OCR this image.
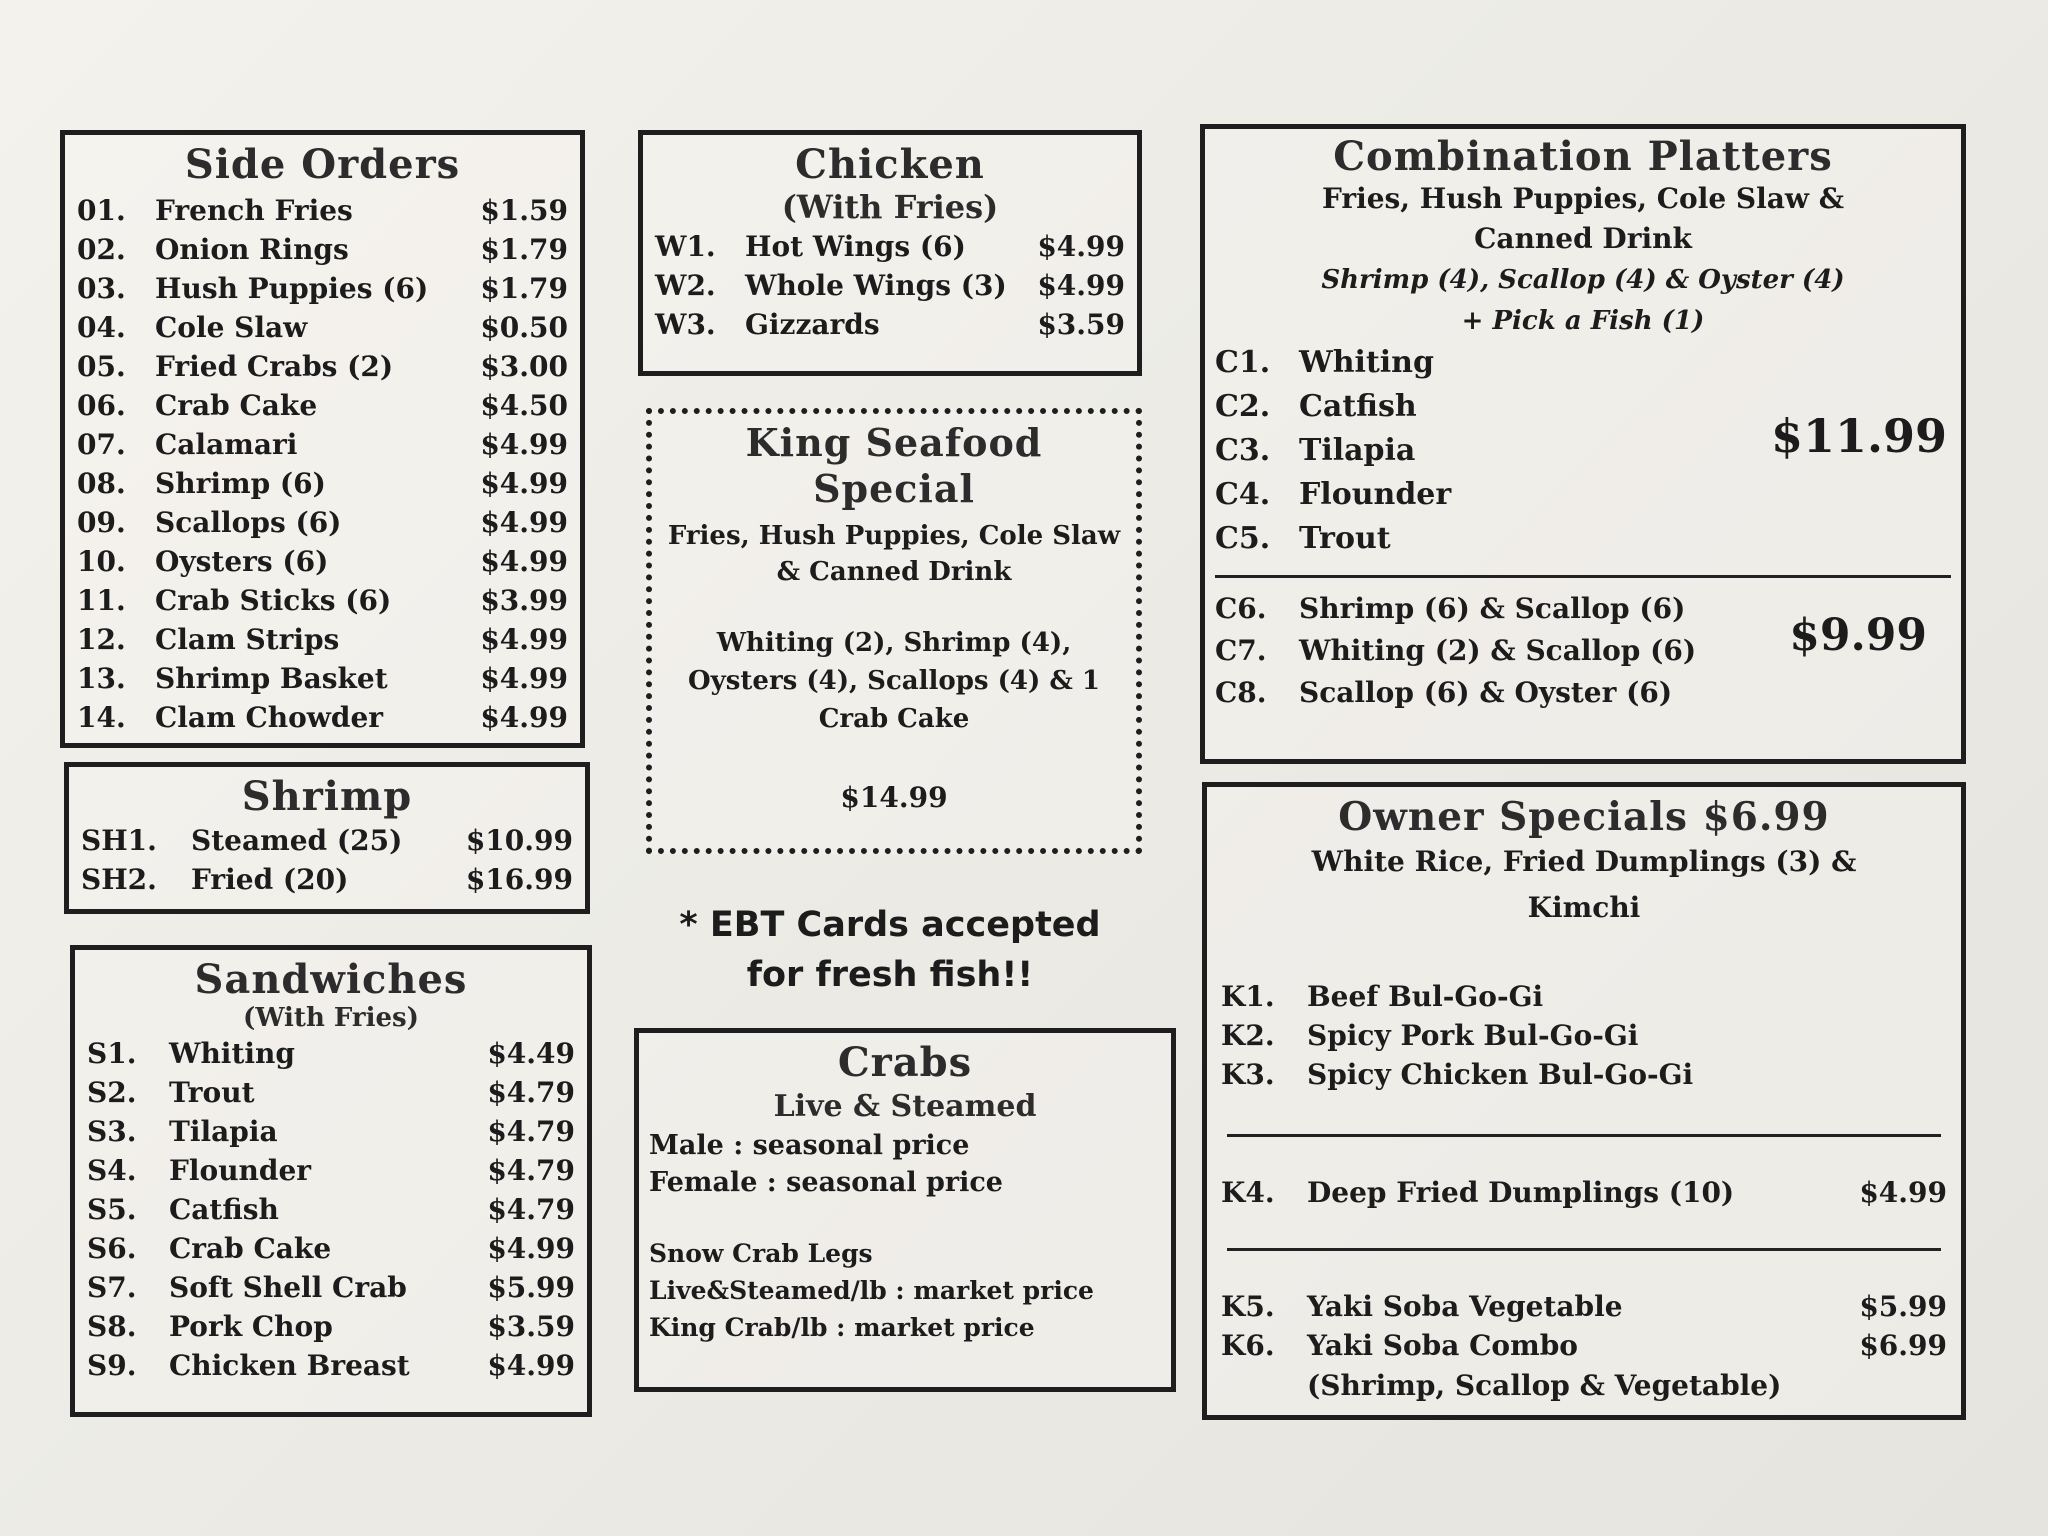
Side Orders
01.	French Fries	$1.59
02.	Onion Rings	$1.79
03.	Hush Puppies (6)	$1.79
04.	Cole Slaw	$0.50
05.	Fried Crabs (2)	$3.00
06.	Crab Cake	$4.50
07.	Calamari	$4.99
08.	Shrimp (6)	$4.99
09.	Scallops (6)	$4.99
10.	Oysters (6)	$4.99
11.	Crab Sticks (6)	$3.99
12.	Clam Strips	$4.99
13.	Shrimp Basket	$4.99
14.	Clam Chowder	$4.99
Shrimp
SH1.	Steamed (25)	$10.99
SH2.	Fried (20)	$16.99
Sandwiches
(With Fries)
S1.	Whiting	$4.49
S2.	Trout	$4.79
S3.	Tilapia	$4.79
S4.	Flounder	$4.79
S5.	Catfish	$4.79
S6.	Crab Cake	$4.99
S7.	Soft Shell Crab	$5.99
S8.	Pork Chop	$3.59
S9.	Chicken Breast	$4.99
Chicken
(With Fries)
W1.	Hot Wings (6)	$4.99
W2.	Whole Wings (3)	$4.99
W3.	Gizzards	$3.59
King Seafood
Special
Fries, Hush Puppies, Cole Slaw & Canned Drink
Whiting (2), Shrimp (4), Oysters (4), Scallops (4) & 1 Crab Cake
$14.99
* EBT Cards accepted
for fresh fish!!
Crabs
Live & Steamed
Male : seasonal price
Female : seasonal price
Snow Crab Legs
Live&Steamed/lb : market price
King Crab/lb : market price
Combination Platters
Fries, Hush Puppies, Cole Slaw & Canned Drink
Shrimp (4), Scallop (4) & Oyster (4)
+ Pick a Fish (1)
C1. Whiting
C2. Catfish
C3. Tilapia
C4. Flounder
C5. Trout
$11.99
C6.	Shrimp (6) & Scallop (6)
C7.	Whiting (2) & Scallop (6)
C8.	Scallop (6) & Oyster (6)
$9.99
Owner Specials $6.99
White Rice, Fried Dumplings (3) & Kimchi
K1.	Beef Bul-Go-Gi
K2.	Spicy Pork Bul-Go-Gi
K3.	Spicy Chicken Bul-Go-Gi
K4.	Deep Fried Dumplings (10)	$4.99
K5.	Yaki Soba Vegetable	$5.99
K6.	Yaki Soba Combo	$6.99
(Shrimp, Scallop & Vegetable)
